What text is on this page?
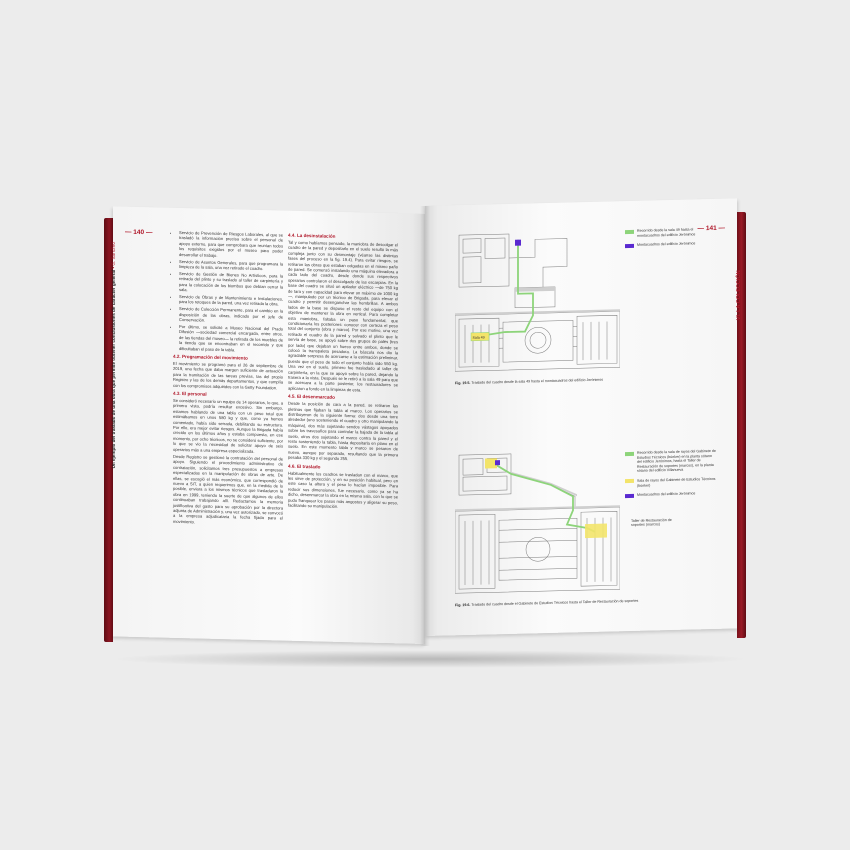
— 140 —
Un ejemplo del traslado de una obra que permite obtener conclusiones de carácter general • G. Sánchez
• Servicio de Prevención de Riesgos Laborales, al que se trasladó la información precisa sobre el personal de apoyo externo, para que comprobara que reunían todos los requisitos exigidos por el museo para poder desarrollar el trabajo.
• Servicio de Asuntos Generales, para que programara la limpieza de la sala, una vez retirado el cuadro.
• Servicio de Gestión de Bienes No Artísticos, para la retirada del plinto y su traslado al taller de carpintería y para la colocación de los biombos que debían cerrar la sala.
• Servicio de Obras y de Mantenimiento e Instalaciones, para los retoques de la pared, una vez retirada la obra.
• Servicio de Colección Permanente, para el cambio en la disposición de las obras, indicado por el jefe de Conservación.
• Por último, se solicitó a Museo Nacional del Prado Difusión —sociedad comercial encargada, entre otros, de las tiendas del museo— la retirada de los muebles de la tienda que se encontraban en el recorrido y que dificultaban el paso de la tabla.
4.2. Programación del movimiento

El movimiento se programó para el 26 de septiembre de 2019, una fecha que daba margen suficiente de actuación para la tramitación de las tareas previas, tas del propio Registro y las de los demás departamentos, y que cumplía con los compromisos adquiridos con la Getty Foundation.

4.3. El personal

Se consideró necesario un equipo de 14 operarios, lo que, a primera vista, podría resultar excesivo. Sin embargo, estamos hablando de una tabla con un peso total que estimábamos en unos 580 kg y que, como ya hemos comentado, había sido serrada, debilitando su estructura. Por ello, era mejor evitar riesgos. Aunque la Brigada había crecido en los últimos años y estaba compuesta, en ese momento, por ocho técnicos, no se consideró suficiente, por lo que se vio la necesidad de solicitar apoyo de seis operarios más a una empresa especializada.

Desde Registro se gestionó la contratación del personal de apoyo. Siguiendo el procedimiento administrativo de contratación, solicitamos tres presupuestos a empresas especializadas en la manipulación de obras de arte. De ellas, se escogió el más económico, que correspondió de nuevo a SIT, a quien requerimos que, en la medida de lo posible, enviara a los mismos técnicos que trasladaron la obra en 1999, teniendo la suerte de que algunos de ellos continuaban trabajando allí. Redactamos la memoria justificativa del gasto para su aprobación por la directora adjunta de Administración y, una vez autorizado, se convocó a la empresa adjudicataria la fecha fijada para el movimiento.

4.4. La desinstalación

Tal y como habíamos pensado, la maniobra de descolgar el cuadro de la pared y depositarlo en el suelo resultó la más compleja junto con su desmontaje (véanse las distintas fases del proceso en la fig. 19.4). Para evitar riesgos, se retiraron las obras que estaban colgadas en el mismo paño de pared. Se comenzó instalando una máquina elevadora a cada lado del cuadro, desde donde sus respectivos operarios controlaron el descolgado de las escarpias. En la base del cuadro se situó un apilador eléctrico —de 750 kg de tara y con capacidad para elevar un máximo de 1000 kg—, manipulado por un técnico de Brigada, para elevar el cuadro y permitir desenganchar las hembrillas. A ambos lados de la base se dispuso el resto del equipo con el objetivo de mantener la obra en vertical. Para completar esta maniobra, faltaba un paso fundamental, que condicionaría los posteriores: conocer con certeza el peso total del conjunto (obra y marco). Por ese motivo, una vez retirado el cuadro de la pared y salvado el plinto que le servía de base, se apoyó sobre dos grupos de palés (tres por lado) que dejaban un hueco entre ambos, donde se colocó la transpaleta pesadora. La báscula nos dio la agradable sorpresa de acercarse a la estimación preliminar, puesto que el peso de todo el conjunto había sido 550 kg. Una vez en el suelo, primero fue trasladado al taller de carpintería, en la que se apoyó sobre la pared, dejando la trasera a la vista. Después se le retiró a la sala 49 para que se acercara a la parte posterior, los restauradores se aplicaron a fondo en la limpieza de esta.

4.5. El desenmarcado

Desde la posición de cara a la pared, se retiraron las pletinas que fijaban la tabla al marco. Los operarios se distribuyeron de la siguiente forma: dos desde una torre alrededor (uno sosteniendo el cuadro y otro manipulando la máquina), dos más sujetando sendos vástagos apoyados sobre los travesaños para controlar la bajada de la tabla al suelo, otros dos sujetando el marco contra la pared y el resto sosteniendo la tabla, hasta depositarla en plano en el suelo. En este momento tabla y marco se pesaron de nuevo, aunque por separado, resultando que la primera pesaba 330 kg y el segundo 255.

4.6. El traslado

Habitualmente los cuadros se trasladan con el marco, que les sirve de protección, y en su posición habitual, pero en este caso la altura y el peso lo hacían imposible. Para reducir sus dimensiones, fue necesario, como ya se ha dicho, desenmarcar la obra en la misma sala, con lo que se pudo franquear los pasos más angostos y aligerar su peso, facilitando su manipulación.

— 141 —
VI. LA COLECCIÓN
Sala 49
Recorrido desde la sala 49 hasta el montacuadros del edificio Jerónimos
Montacuadros del edificio Jerónimos
Fig. 19.5. Traslado del cuadro desde la sala 49 hasta el montacuadros del edificio Jerónimos
Recorrido desde la sala de rayos del Gabinete de Estudios Técnicos (búnker) en la planta sótano del edificio Jerónimos, hasta el Taller de Restauración de soportes (marcos), en la planta sótano del edificio Villanueva
Sala de rayos del Gabinete de Estudios Técnicos (búnker)
Montacuadros del edificio Jerónimos
Taller de Restauración de soportes (marcos)
Fig. 19.6. Traslado del cuadro desde el Gabinete de Estudios Técnicos hasta el Taller de Restauración de soportes
